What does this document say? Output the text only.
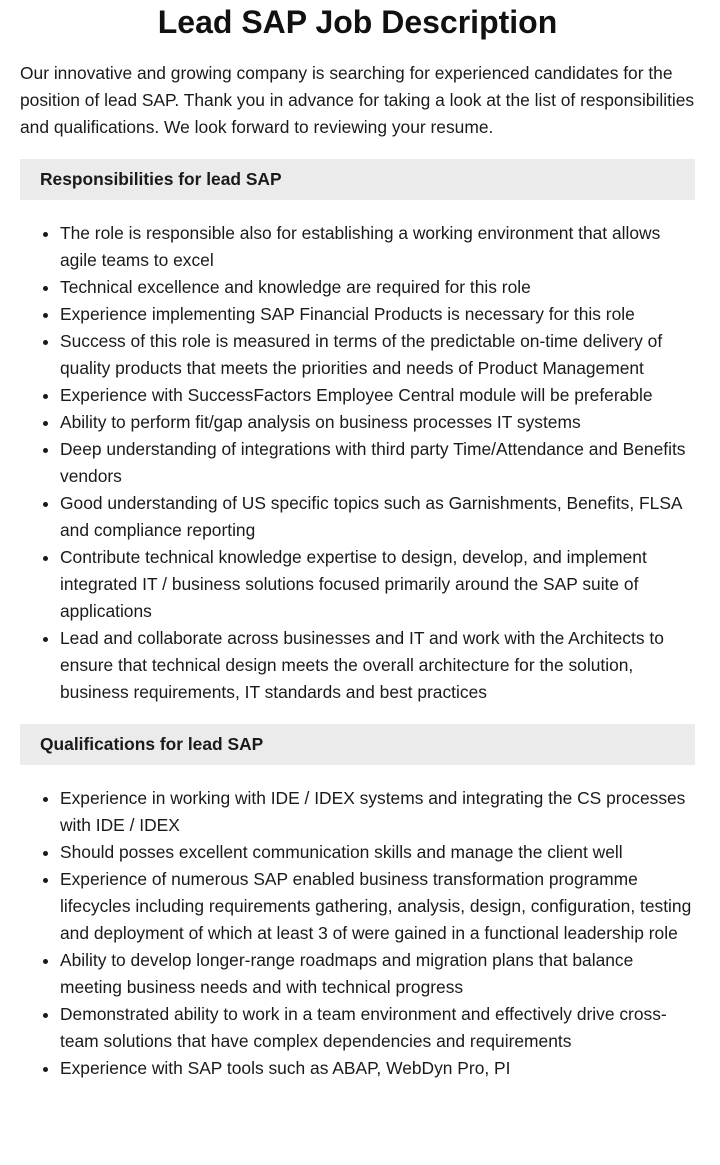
Lead SAP Job Description

Our innovative and growing company is searching for experienced candidates for the position of lead SAP. Thank you in advance for taking a look at the list of responsibilities and qualifications. We look forward to reviewing your resume.

Responsibilities for lead SAP
• The role is responsible also for establishing a working environment that allows agile teams to excel
• Technical excellence and knowledge are required for this role
• Experience implementing SAP Financial Products is necessary for this role
• Success of this role is measured in terms of the predictable on-time delivery of quality products that meets the priorities and needs of Product Management
• Experience with SuccessFactors Employee Central module will be preferable
• Ability to perform fit/gap analysis on business processes IT systems
• Deep understanding of integrations with third party Time/Attendance and Benefits vendors
• Good understanding of US specific topics such as Garnishments, Benefits, FLSA and compliance reporting
• Contribute technical knowledge expertise to design, develop, and implement integrated IT / business solutions focused primarily around the SAP suite of applications
• Lead and collaborate across businesses and IT and work with the Architects to ensure that technical design meets the overall architecture for the solution, business requirements, IT standards and best practices
Qualifications for lead SAP
• Experience in working with IDE / IDEX systems and integrating the CS processes with IDE / IDEX
• Should posses excellent communication skills and manage the client well
• Experience of numerous SAP enabled business transformation programme lifecycles including requirements gathering, analysis, design, configuration, testing and deployment of which at least 3 of were gained in a functional leadership role
• Ability to develop longer-range roadmaps and migration plans that balance meeting business needs and with technical progress
• Demonstrated ability to work in a team environment and effectively drive cross-team solutions that have complex dependencies and requirements
• Experience with SAP tools such as ABAP, WebDyn Pro, PI
